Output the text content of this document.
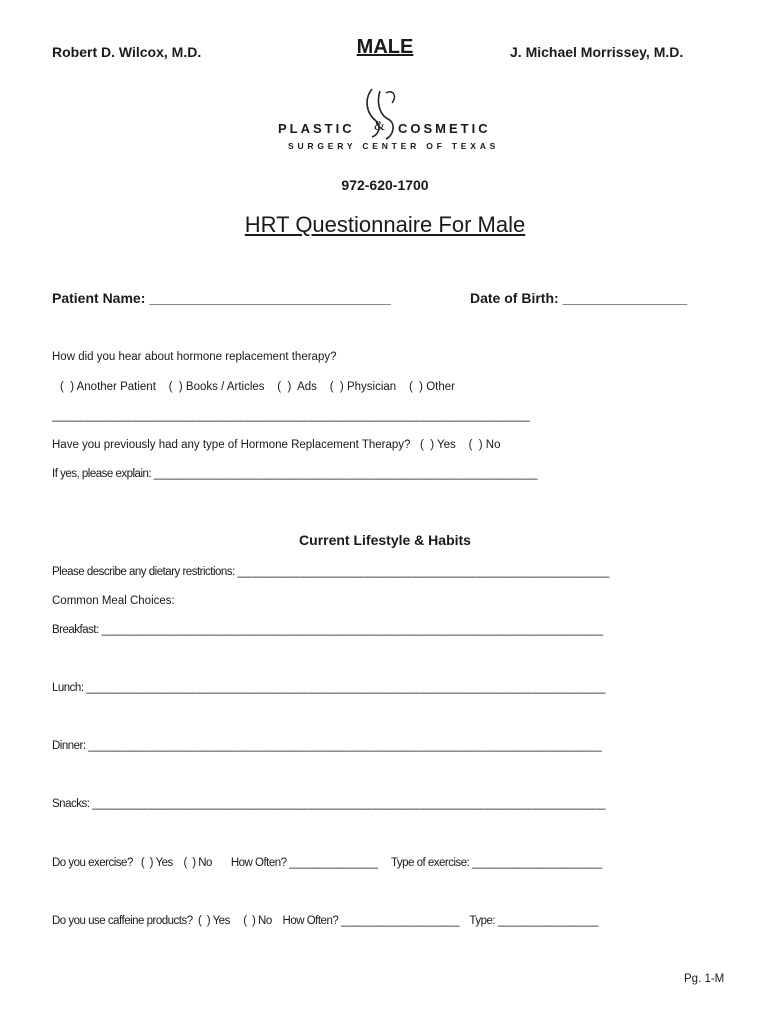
Robert D. Wilcox, M.D.	MALE	J. Michael Morrissey, M.D.

PLASTIC

&

COSMETIC

SURGERY CENTER OF TEXAS

972-620-1700
HRT Questionnaire For Male
Patient Name: _______________________________	Date of Birth: ________________
How did you hear about hormone replacement therapy?
(  ) Another Patient    (  ) Books / Articles    (  )  Ads    (  ) Physician    (  ) Other
_________________________________________________________________________________
Have you previously had any type of Hormone Replacement Therapy?   (  ) Yes    (  ) No
If yes, please explain: _________________________________________________________________
Current Lifestyle & Habits
Please describe any dietary restrictions: _______________________________________________________________
Common Meal Choices:
Breakfast: _____________________________________________________________________________________
Lunch: ________________________________________________________________________________________
Dinner: _______________________________________________________________________________________
Snacks: _______________________________________________________________________________________
Do you exercise?   (  ) Yes    (  ) No       How Often? _______________     Type of exercise: ______________________
Do you use caffeine products?  (  ) Yes     (  ) No    How Often? ____________________    Type: _________________
Pg. 1-M
